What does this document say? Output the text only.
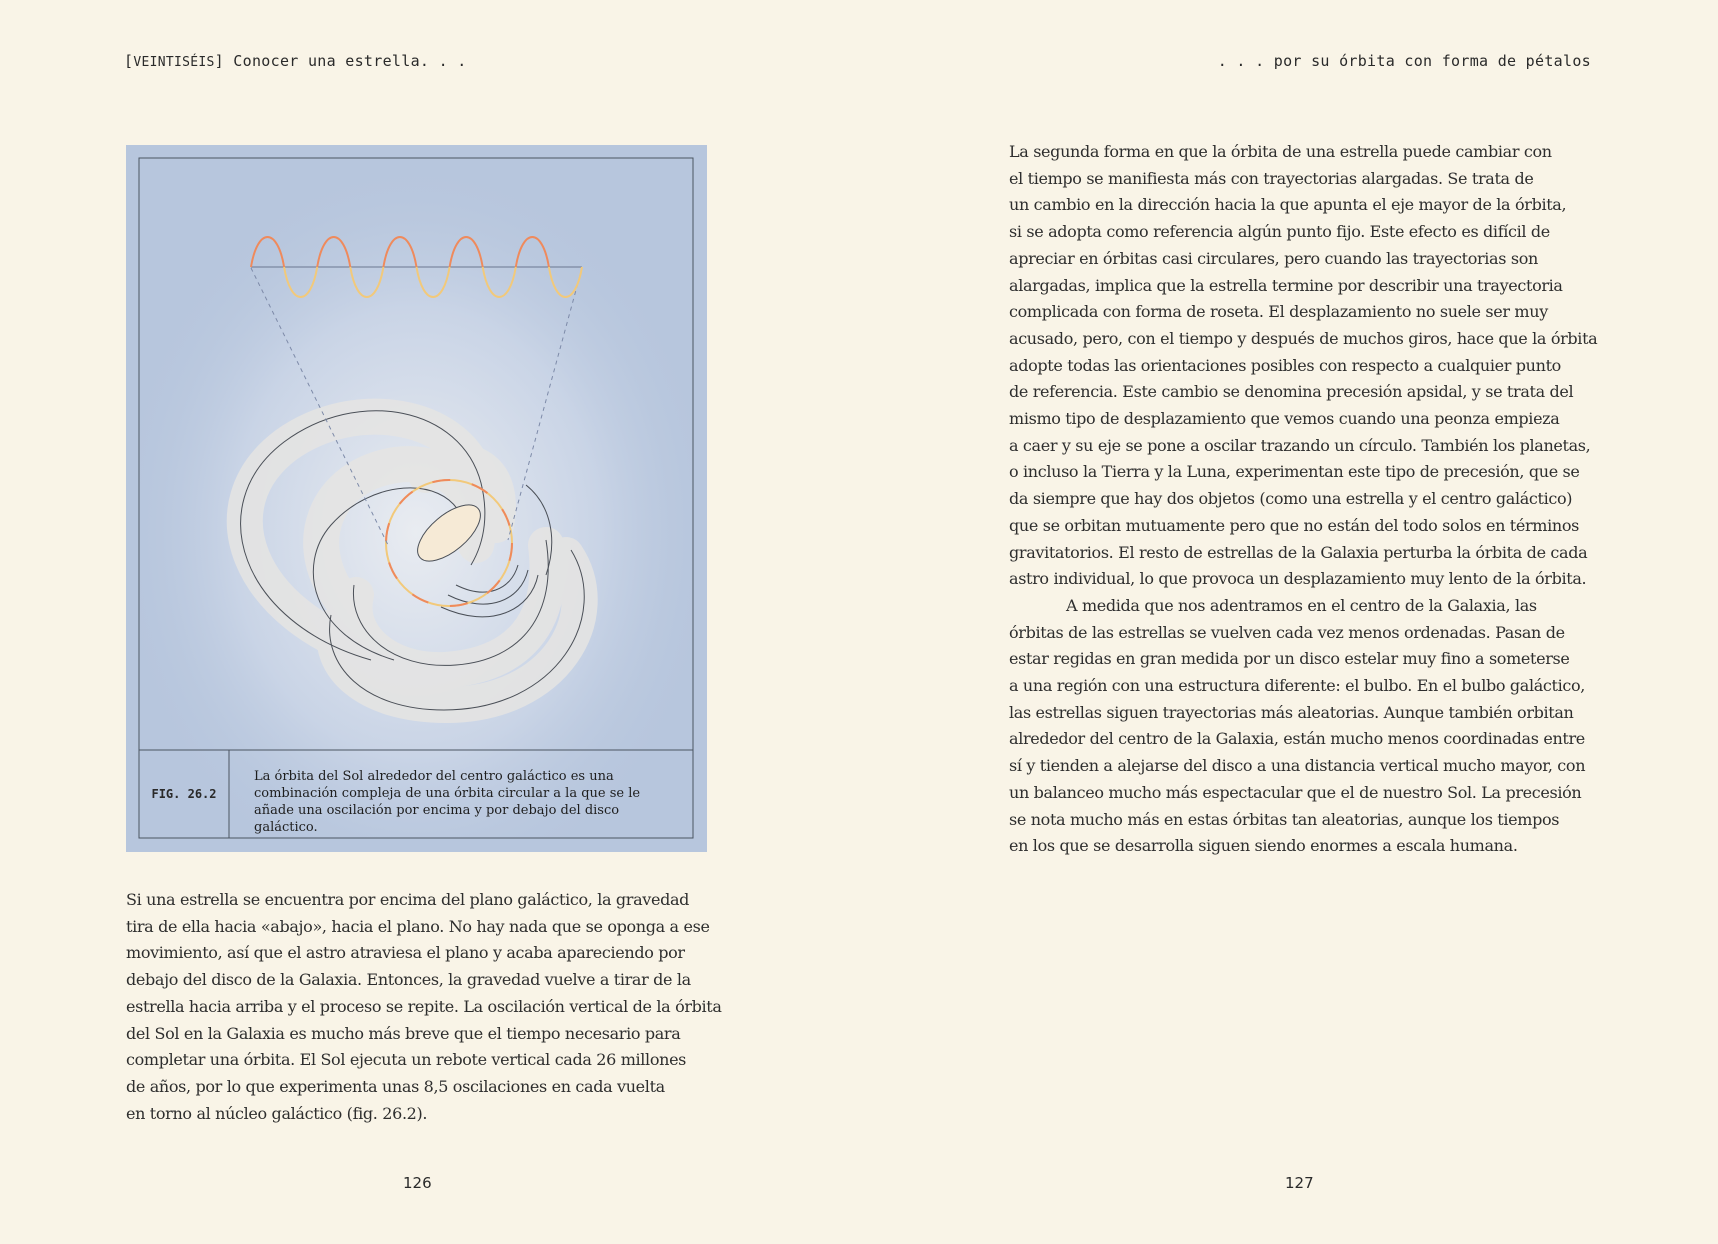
[VEINTISÉIS] Conocer una estrella. . .	. . . por su órbita con forma de pétalos
FIG. 26.2
La órbita del Sol alrededor del centro galáctico es una combinación compleja de una órbita circular a la que se le añade una oscilación por encima y por debajo del disco galáctico.

Si una estrella se encuentra por encima del plano galáctico, la gravedad

tira de ella hacia «abajo», hacia el plano. No hay nada que se oponga a ese

movimiento, así que el astro atraviesa el plano y acaba apareciendo por

debajo del disco de la Galaxia. Entonces, la gravedad vuelve a tirar de la

estrella hacia arriba y el proceso se repite. La oscilación vertical de la órbita

del Sol en la Galaxia es mucho más breve que el tiempo necesario para

completar una órbita. El Sol ejecuta un rebote vertical cada 26 millones

de años, por lo que experimenta unas 8,5 oscilaciones en cada vuelta

en torno al núcleo galáctico (fig. 26.2).

La segunda forma en que la órbita de una estrella puede cambiar con

el tiempo se manifiesta más con trayectorias alargadas. Se trata de

un cambio en la dirección hacia la que apunta el eje mayor de la órbita,

si se adopta como referencia algún punto fijo. Este efecto es difícil de

apreciar en órbitas casi circulares, pero cuando las trayectorias son

alargadas, implica que la estrella termine por describir una trayectoria

complicada con forma de roseta. El desplazamiento no suele ser muy

acusado, pero, con el tiempo y después de muchos giros, hace que la órbita

adopte todas las orientaciones posibles con respecto a cualquier punto

de referencia. Este cambio se denomina precesión apsidal, y se trata del

mismo tipo de desplazamiento que vemos cuando una peonza empieza

a caer y su eje se pone a oscilar trazando un círculo. También los planetas,

o incluso la Tierra y la Luna, experimentan este tipo de precesión, que se

da siempre que hay dos objetos (como una estrella y el centro galáctico)

que se orbitan mutuamente pero que no están del todo solos en términos

gravitatorios. El resto de estrellas de la Galaxia perturba la órbita de cada

astro individual, lo que provoca un desplazamiento muy lento de la órbita.

A medida que nos adentramos en el centro de la Galaxia, las

órbitas de las estrellas se vuelven cada vez menos ordenadas. Pasan de

estar regidas en gran medida por un disco estelar muy fino a someterse

a una región con una estructura diferente: el bulbo. En el bulbo galáctico,

las estrellas siguen trayectorias más aleatorias. Aunque también orbitan

alrededor del centro de la Galaxia, están mucho menos coordinadas entre

sí y tienden a alejarse del disco a una distancia vertical mucho mayor, con

un balanceo mucho más espectacular que el de nuestro Sol. La precesión

se nota mucho más en estas órbitas tan aleatorias, aunque los tiempos

en los que se desarrolla siguen siendo enormes a escala humana.

126	127
